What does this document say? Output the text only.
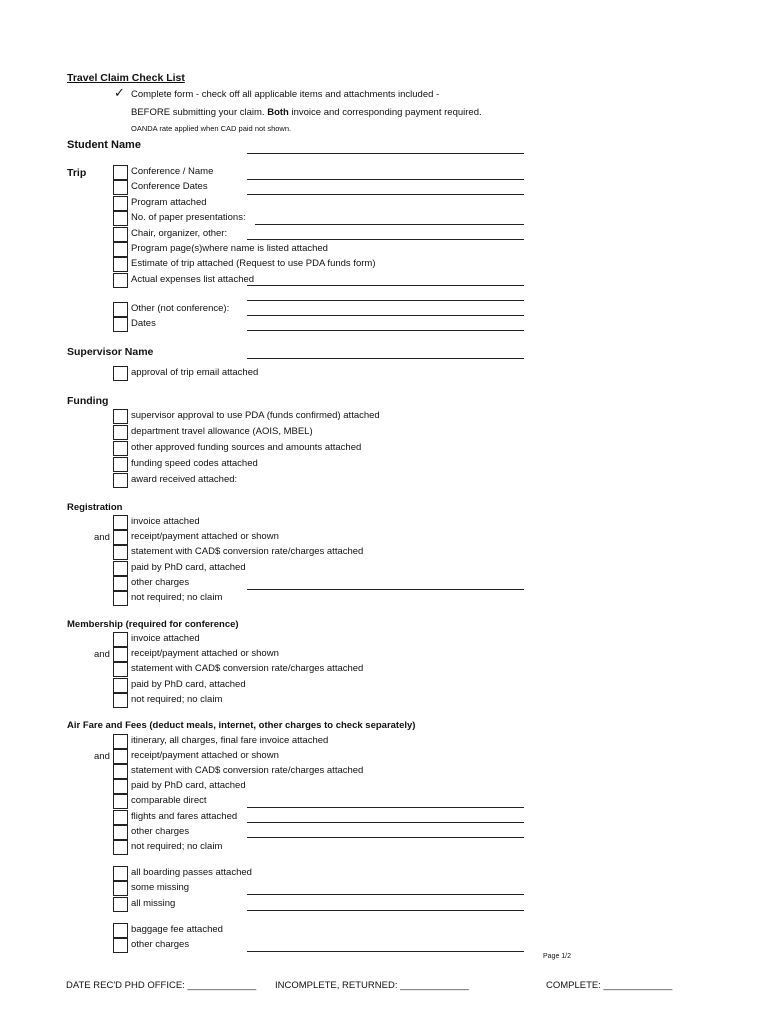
Travel Claim Check List
✓ Complete form - check off all applicable items and attachments included -
BEFORE submitting your claim. Both invoice and corresponding payment required.
OANDA rate applied when CAD paid not shown.
Student Name
Trip
Supervisor Name
Funding
Registration
Membership (required for conference)
Air Fare and Fees (deduct meals, internet, other charges to check separately)
and
and
and
Conference / Name
Conference Dates
Program attached
No. of paper presentations:
Chair, organizer, other:
Program page(s)where name is listed attached
Estimate of trip attached (Request to use PDA funds form)
Actual expenses list attached
Other (not conference):
Dates
approval of trip email attached
supervisor approval to use PDA (funds confirmed) attached
department travel allowance (AOIS, MBEL)
other approved funding sources and amounts attached
funding speed codes attached
award received attached:
invoice attached
receipt/payment attached or shown
statement with CAD$ conversion rate/charges attached
paid by PhD card, attached
other charges
not required; no claim
invoice attached
receipt/payment attached or shown
statement with CAD$ conversion rate/charges attached
paid by PhD card, attached
not required; no claim
itinerary, all charges, final fare invoice attached
receipt/payment attached or shown
statement with CAD$ conversion rate/charges attached
paid by PhD card, attached
comparable direct
flights and fares attached
other charges
not required; no claim
all boarding passes attached
some missing
all missing
baggage fee attached
other charges
Page 1/2
DATE REC'D PHD OFFICE: _____________ INCOMPLETE, RETURNED: _____________	COMPLETE: _____________
